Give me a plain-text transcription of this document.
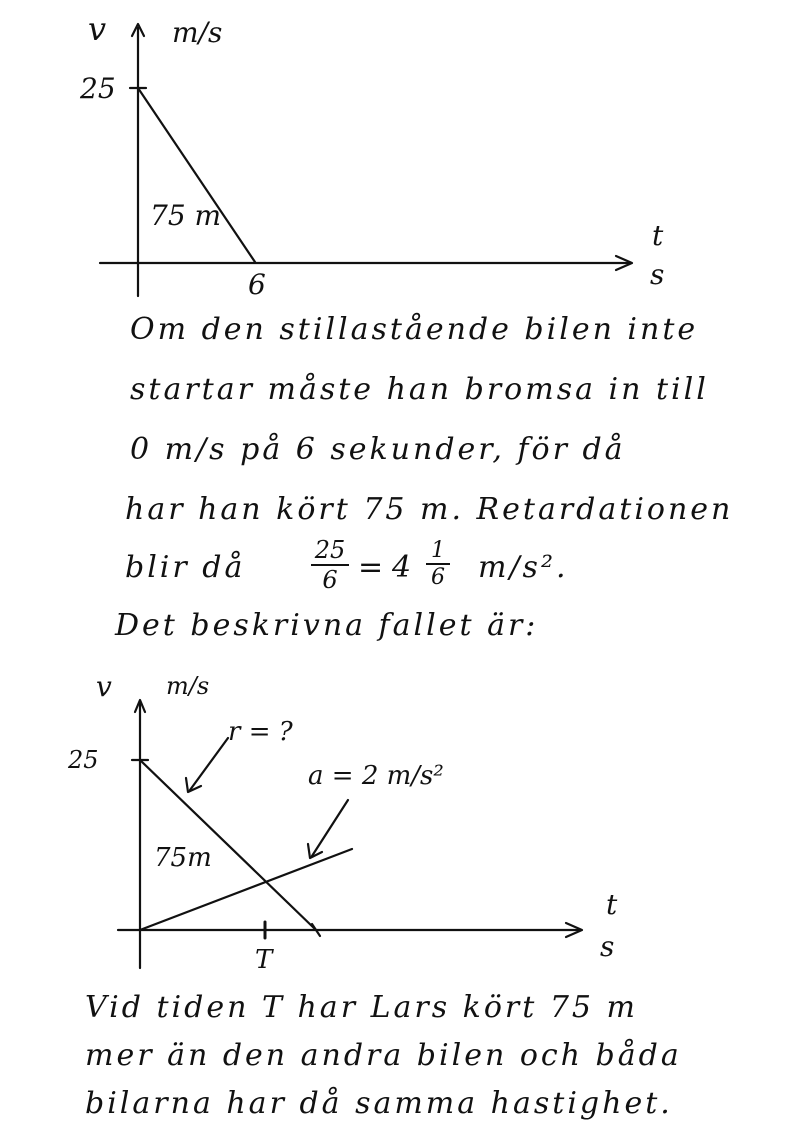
v m/s
25
t
s
6
75 m
Om den stillastående bilen inte
startar måste han bromsa in till
0 m/s på 6 sekunder, för då
har han kört 75 m. Retardationen
blir då	25
6 = 4 1
6	m/s².
Det beskrivna fallet är:
v m/s
25
t
s
T
75m
r = ?
a = 2 m/s²
Vid tiden T har Lars kört 75 m
mer än den andra bilen och båda
bilarna har då samma hastighet.
